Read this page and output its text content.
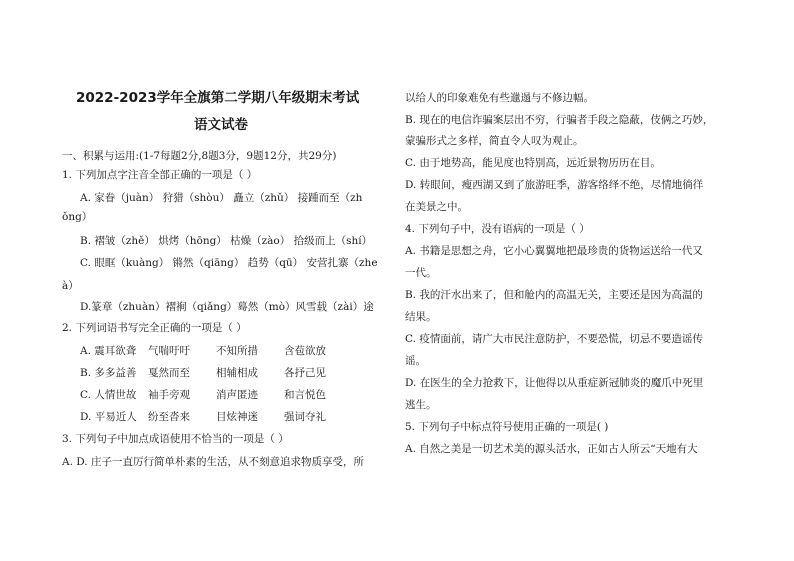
2022-2023学年全旗第二学期八年级期末考试
语文试卷
一、积累与运用:(1-7每题2分,8题3分，9题12分，共29分)
1. 下列加点字注音全部正确的一项是（ ）
A. 家眷（juàn） 狩猎（shòu） 矗立（zhǔ） 接踵而至（zh
ǒng）
B. 褶皱（zhě） 烘烤（hōng） 枯燥（zào） 拾级而上（shí）
C. 眼眶（kuàng） 锵然（qiāng） 趋势（qū） 安营扎寨（zhe
à）
D.篆章（zhuàn）褶裥（qiǎng）蓦然（mò）风雪载（zài）途
2. 下列词语书写完全正确的一项是（ ）
A. 震耳欲聋 气喘吁吁 不知所措 含苞欲放
B. 多多益善 戛然而至 相辅相成 各抒己见
C. 人情世故 袖手旁观 消声匿迹 和言悦色
D. 平易近人 纷至沓来 目炫神迷 强词夺礼
3. 下列句子中加点成语使用不恰当的一项是（ ）
A. D. 庄子一直厉行简单朴素的生活，从不刻意追求物质享受，所
以给人的印象难免有些邋遢与不修边幅。
B. 现在的电信诈骗案层出不穷，行骗者手段之隐蔽，伎俩之巧妙，
蒙骗形式之多样，简直令人叹为观止。
C. 由于地势高，能见度也特别高，远近景物历历在目。
D. 转眼间，瘦西湖又到了旅游旺季，游客络绎不绝，尽情地徜徉
在美景之中。
4. 下列句子中，没有语病的一项是（ ）
A. 书籍是思想之舟，它小心翼翼地把最珍贵的货物运送给一代又
一代。
B. 我的汗水出来了，但和舱内的高温无关，主要还是因为高温的
结果。
C. 疫情面前，请广大市民注意防护，不要恐慌，切忌不要造谣传
谣。
D. 在医生的全力抢救下，让他得以从重症新冠肺炎的魔爪中死里
逃生。
5. 下列句子中标点符号使用正确的一项是( )
A. 自然之美是一切艺术美的源头活水，正如古人所云“天地有大
